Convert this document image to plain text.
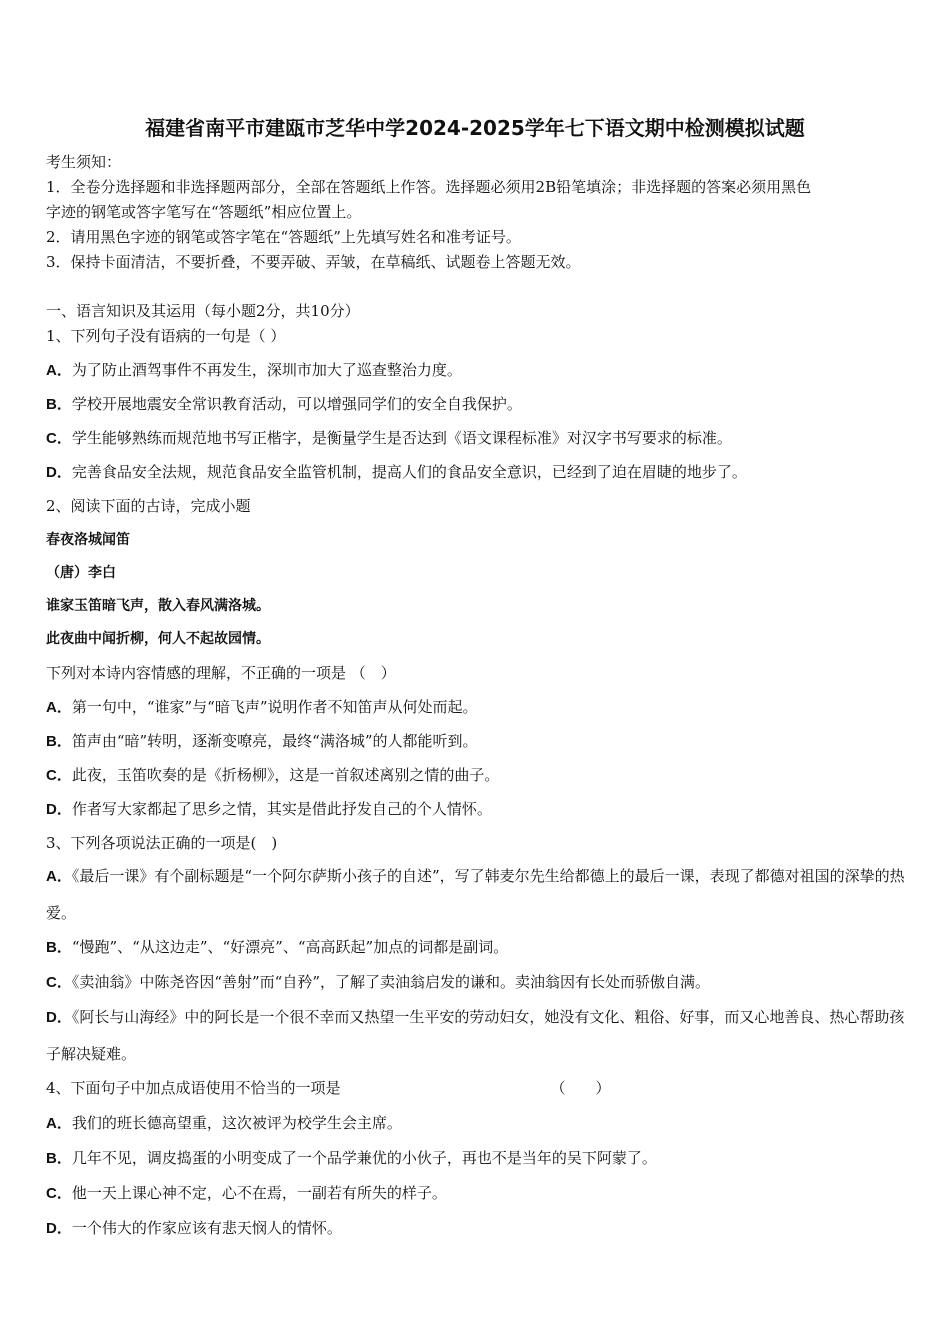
福建省南平市建瓯市芝华中学2024-2025学年七下语文期中检测模拟试题
考生须知：
1．全卷分选择题和非选择题两部分，全部在答题纸上作答。选择题必须用2B铅笔填涂；非选择题的答案必须用黑色
字迹的钢笔或答字笔写在“答题纸”相应位置上。
2．请用黑色字迹的钢笔或答字笔在“答题纸”上先填写姓名和准考证号。
3．保持卡面清洁，不要折叠，不要弄破、弄皱，在草稿纸、试题卷上答题无效。
一、语言知识及其运用（每小题2分，共10分）
1、下列句子没有语病的一句是（ ）
A．为了防止酒驾事件不再发生，深圳市加大了巡查整治力度。
B．学校开展地震安全常识教育活动，可以增强同学们的安全自我保护。
C．学生能够熟练而规范地书写正楷字，是衡量学生是否达到《语文课程标准》对汉字书写要求的标准。
D．完善食品安全法规，规范食品安全监管机制，提高人们的食品安全意识，已经到了迫在眉睫的地步了。
2、阅读下面的古诗，完成小题
春夜洛城闻笛
（唐）李白
谁家玉笛暗飞声，散入春风满洛城。
此夜曲中闻折柳，何人不起故园情。
下列对本诗内容情感的理解，不正确的一项是 （　）
A．第一句中，“谁家”与“暗飞声”说明作者不知笛声从何处而起。
B．笛声由“暗”转明，逐渐变嘹亮，最终“满洛城”的人都能听到。
C．此夜，玉笛吹奏的是《折杨柳》，这是一首叙述离别之情的曲子。
D．作者写大家都起了思乡之情，其实是借此抒发自己的个人情怀。
3、下列各项说法正确的一项是(　)
A．《最后一课》有个副标题是“一个阿尔萨斯小孩子的自述”，写了韩麦尔先生给都德上的最后一课，表现了都德对祖国的深挚的热爱。
B．“慢跑”、“从这边走”、“好漂亮”、“高高跃起”加点的词都是副词。
C．《卖油翁》中陈尧咨因“善射”而“自矜”，了解了卖油翁启发的谦和。卖油翁因有长处而骄傲自满。
D．《阿长与山海经》中的阿长是一个很不幸而又热望一生平安的劳动妇女，她没有文化、粗俗、好事，而又心地善良、热心帮助孩子解决疑难。
4、下面句子中加点成语使用不恰当的一项是	（　　）
A．我们的班长德高望重，这次被评为校学生会主席。
B．几年不见，调皮捣蛋的小明变成了一个品学兼优的小伙子，再也不是当年的吴下阿蒙了。
C．他一天上课心神不定，心不在焉，一副若有所失的样子。
D．一个伟大的作家应该有悲天悯人的情怀。
